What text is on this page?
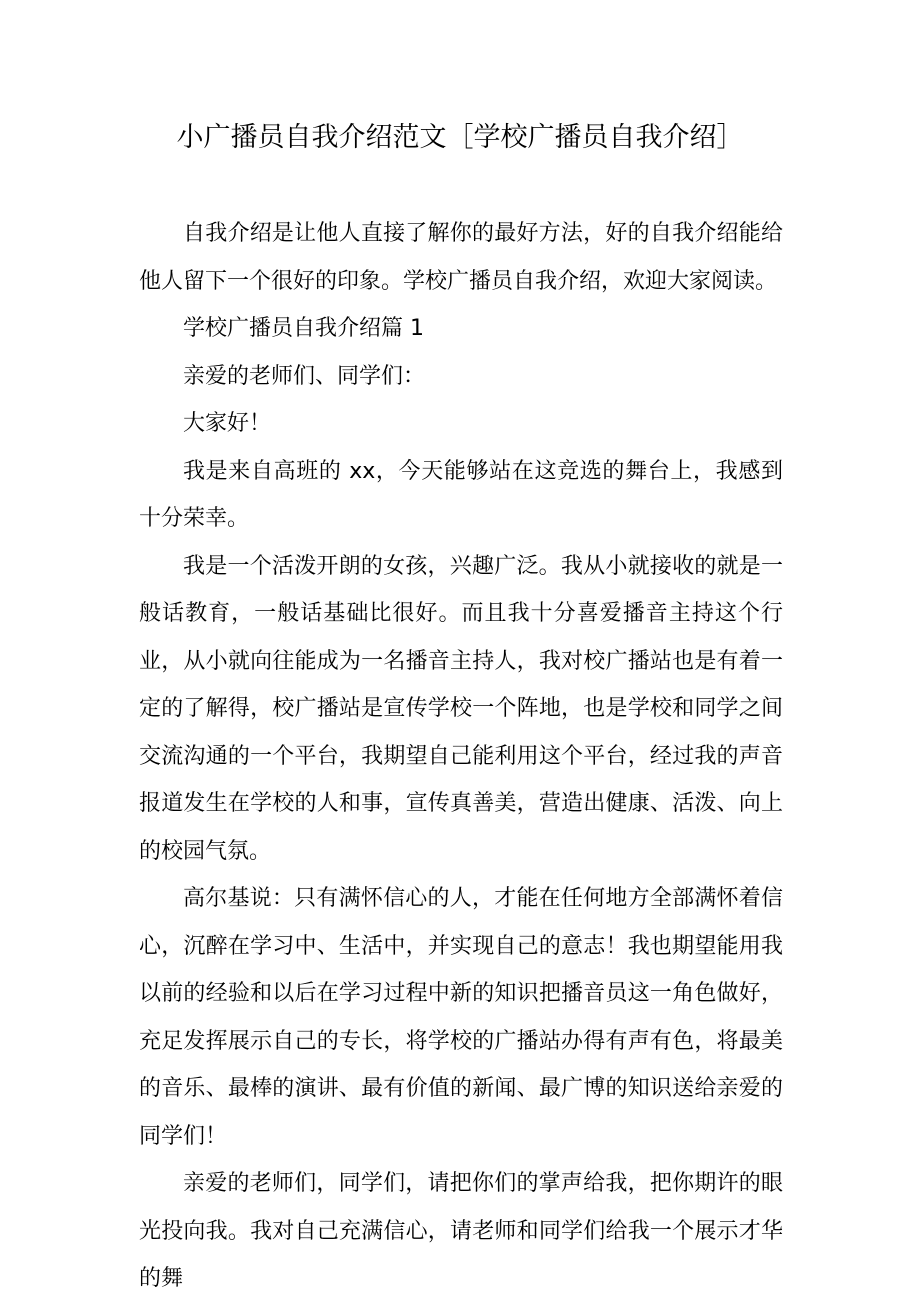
小广播员自我介绍范文［学校广播员自我介绍］

自我介绍是让他人直接了解你的最好方法，好的自我介绍能给他人留下一个很好的印象。学校广播员自我介绍，欢迎大家阅读。

学校广播员自我介绍篇 1

亲爱的老师们、同学们：

大家好！

我是来自高班的 xx，今天能够站在这竞选的舞台上，我感到十分荣幸。

我是一个活泼开朗的女孩，兴趣广泛。我从小就接收的就是一般话教育，一般话基础比很好。而且我十分喜爱播音主持这个行业，从小就向往能成为一名播音主持人，我对校广播站也是有着一定的了解得，校广播站是宣传学校一个阵地，也是学校和同学之间交流沟通的一个平台，我期望自己能利用这个平台，经过我的声音报道发生在学校的人和事，宣传真善美，营造出健康、活泼、向上的校园气氛。

高尔基说：只有满怀信心的人，才能在任何地方全部满怀着信心，沉醉在学习中、生活中，并实现自己的意志！我也期望能用我以前的经验和以后在学习过程中新的知识把播音员这一角色做好，充足发挥展示自己的专长，将学校的广播站办得有声有色，将最美的音乐、最棒的演讲、最有价值的新闻、最广博的知识送给亲爱的同学们！

亲爱的老师们，同学们，请把你们的掌声给我，把你期许的眼光投向我。我对自己充满信心，请老师和同学们给我一个展示才华的舞
